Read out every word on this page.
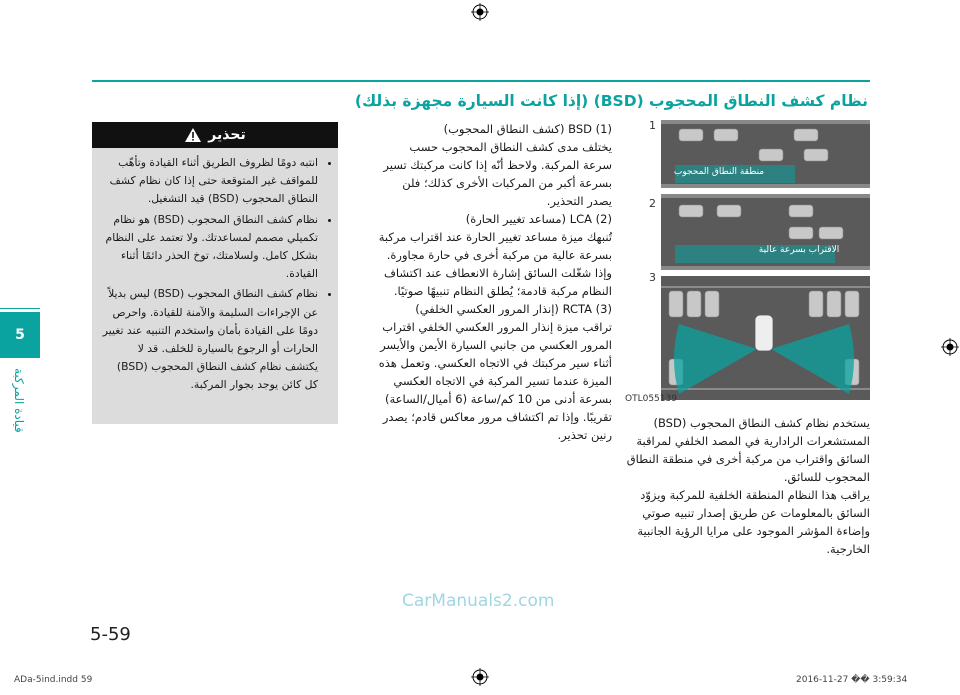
5
قيادة المركبة
نظام كشف النطاق المحجوب (BSD) (إذا كانت السيارة مجهزة بذلك)
1
2
3
منطقة النطاق المحجوب
الاقتراب بسرعة عالية
OTL055139

يستخدم نظام كشف النطاق المحجوب (BSD) المستشعرات الرادارية في المصد الخلفي لمراقبة السائق واقتراب من مركبة أخرى في منطقة النطاق المحجوب للسائق.

يراقب هذا النظام المنطقة الخلفية للمركبة ويزوّد السائق بالمعلومات عن طريق إصدار تنبيه صوتي وإضاءة المؤشر الموجود على مرايا الرؤية الجانبية الخارجية.

(1) BSD (كشف النطاق المحجوب)

يختلف مدى كشف النطاق المحجوب حسب سرعة المركبة. ولاحظ أنّه إذا كانت مركبتك تسير بسرعة أكبر من المركبات الأخرى كذلك؛ فلن يصدر التحذير.

(2) LCA (مساعد تغيير الحارة)

تُنبهك ميزة مساعد تغيير الحارة عند اقتراب مركبة بسرعة عالية من مركبة أخرى في حارة مجاورة. وإذا شغّلت السائق إشارة الانعطاف عند اكتشاف النظام مركبة قادمة؛ يُطلق النظام تنبيهًا صوتيًا.

(3) RCTA (إنذار المرور العكسي الخلفي)

تراقب ميزة إنذار المرور العكسي الخلفي اقتراب المرور العكسي من جانبي السيارة الأيمن والأيسر أثناء سير مركبتك في الاتجاه العكسي. وتعمل هذه الميزة عندما تسير المركبة في الاتجاه العكسي بسرعة أدنى من 10 كم/ساعة (6 أميال/الساعة) تقريبًا. وإذا تم اكتشاف مرور معاكس قادم؛ يصدر رنين تحذير.

تحذير
• انتبه دومًا لظروف الطريق أثناء القيادة وتأهّب للمواقف غير المتوقعة حتى إذا كان نظام كشف النطاق المحجوب (BSD) قيد التشغيل.
• نظام كشف النطاق المحجوب (BSD) هو نظام تكميلي مصمم لمساعدتك. ولا تعتمد على النظام بشكل كامل. ولسلامتك، توخ الحذر دائمًا أثناء القيادة.
• نظام كشف النطاق المحجوب (BSD) ليس بديلاً عن الإجراءات السليمة والآمنة للقيادة. واحرص دومًا على القيادة بأمان واستخدم التنبيه عند تغيير الحارات أو الرجوع بالسيارة للخلف. قد لا يكتشف نظام كشف النطاق المحجوب (BSD) كل كائن يوجد بجوار المركبة.
CarManuals2.com
5-59
ADa-5ind.indd 59	2016-11-27 �� 3:59:34
